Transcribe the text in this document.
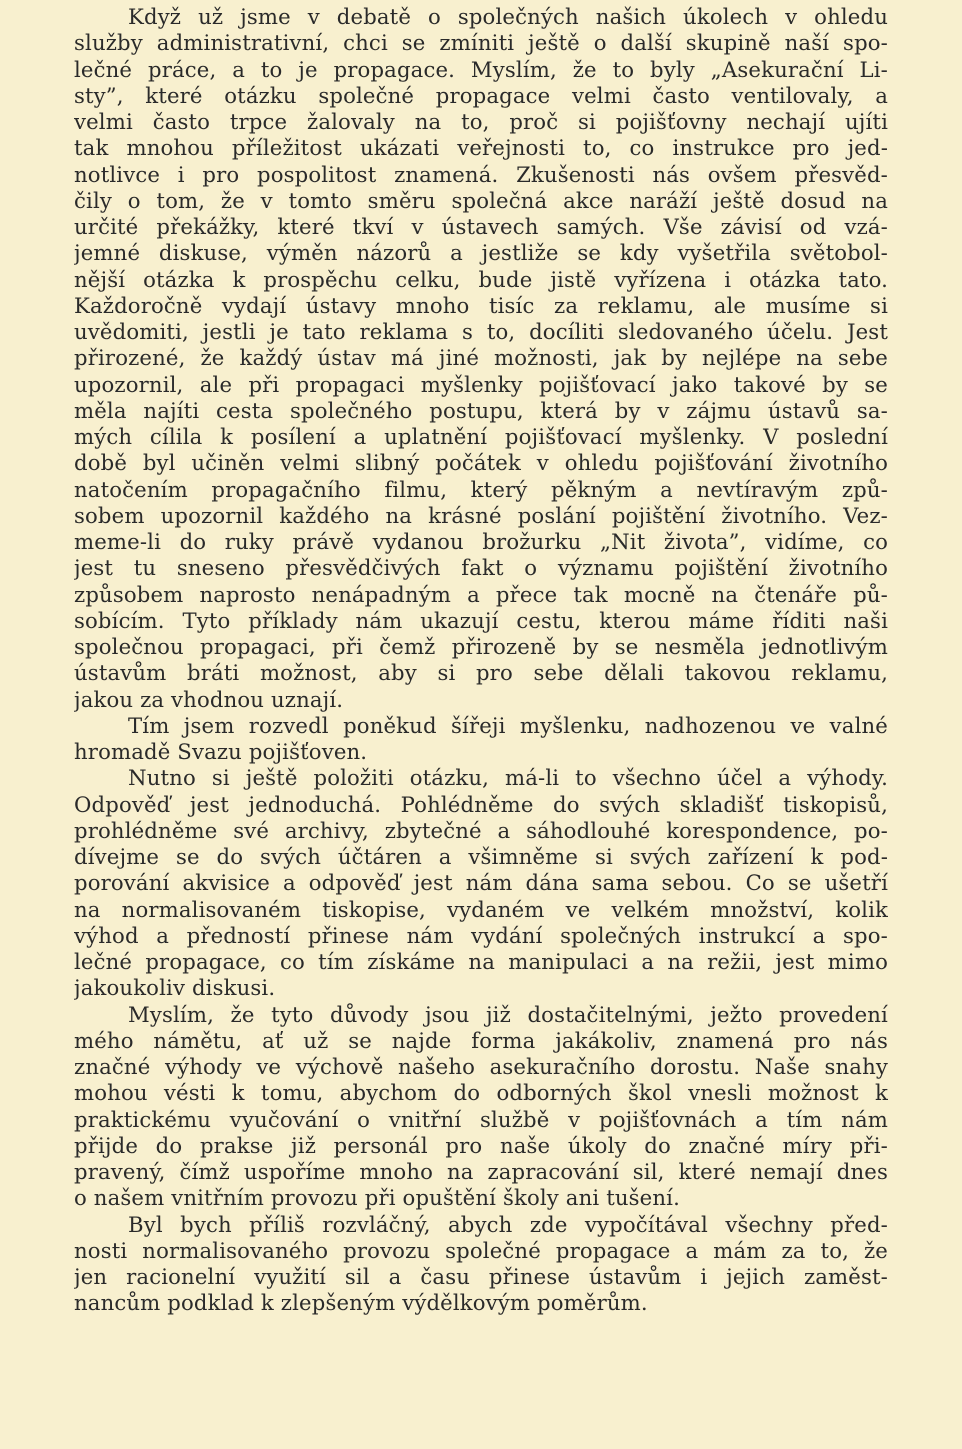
Když už jsme v debatě o společných našich úkolech v ohledu
služby administrativní, chci se zmíniti ještě o další skupině naší spo-
lečné práce, a to je propagace. Myslím, že to byly „Asekurační Li-
sty”, které otázku společné propagace velmi často ventilovaly, a
velmi často trpce žalovaly na to, proč si pojišťovny nechají ujíti
tak mnohou příležitost ukázati veřejnosti to, co instrukce pro jed-
notlivce i pro pospolitost znamená. Zkušenosti nás ovšem přesvěd-
čily o tom, že v tomto směru společná akce naráží ještě dosud na
určité překážky, které tkví v ústavech samých. Vše závisí od vzá-
jemné diskuse, výměn názorů a jestliže se kdy vyšetřila světobol-
nější otázka k prospěchu celku, bude jistě vyřízena i otázka tato.
Každoročně vydají ústavy mnoho tisíc za reklamu, ale musíme si
uvědomiti, jestli je tato reklama s to, docíliti sledovaného účelu. Jest
přirozené, že každý ústav má jiné možnosti, jak by nejlépe na sebe
upozornil, ale při propagaci myšlenky pojišťovací jako takové by se
měla najíti cesta společného postupu, která by v zájmu ústavů sa-
mých cílila k posílení a uplatnění pojišťovací myšlenky. V poslední
době byl učiněn velmi slibný počátek v ohledu pojišťování životního
natočením propagačního filmu, který pěkným a nevtíravým způ-
sobem upozornil každého na krásné poslání pojištění životního. Vez-
meme-li do ruky právě vydanou brožurku „Nit života”, vidíme, co
jest tu sneseno přesvědčivých fakt o významu pojištění životního
způsobem naprosto nenápadným a přece tak mocně na čtenáře pů-
sobícím. Tyto příklady nám ukazují cestu, kterou máme říditi naši
společnou propagaci, při čemž přirozeně by se nesměla jednotlivým
ústavům bráti možnost, aby si pro sebe dělali takovou reklamu,
jakou za vhodnou uznají.
Tím jsem rozvedl poněkud šířeji myšlenku, nadhozenou ve valné
hromadě Svazu pojišťoven.
Nutno si ještě položiti otázku, má-li to všechno účel a výhody.
Odpověď jest jednoduchá. Pohlédněme do svých skladišť tiskopisů,
prohlédněme své archivy, zbytečné a sáhodlouhé korespondence, po-
dívejme se do svých účtáren a všimněme si svých zařízení k pod-
porování akvisice a odpověď jest nám dána sama sebou. Co se ušetří
na normalisovaném tiskopise, vydaném ve velkém množství, kolik
výhod a předností přinese nám vydání společných instrukcí a spo-
lečné propagace, co tím získáme na manipulaci a na režii, jest mimo
jakoukoliv diskusi.
Myslím, že tyto důvody jsou již dostačitelnými, ježto provedení
mého námětu, ať už se najde forma jakákoliv, znamená pro nás
značné výhody ve výchově našeho asekuračního dorostu. Naše snahy
mohou vésti k tomu, abychom do odborných škol vnesli možnost k
praktickému vyučování o vnitřní službě v pojišťovnách a tím nám
přijde do prakse již personál pro naše úkoly do značné míry při-
pravený, čímž uspoříme mnoho na zapracování sil, které nemají dnes
o našem vnitřním provozu při opuštění školy ani tušení.
Byl bych příliš rozvláčný, abych zde vypočítával všechny před-
nosti normalisovaného provozu společné propagace a mám za to, že
jen racionelní využití sil a času přinese ústavům i jejich zaměst-
nancům podklad k zlepšeným výdělkovým poměrům.
